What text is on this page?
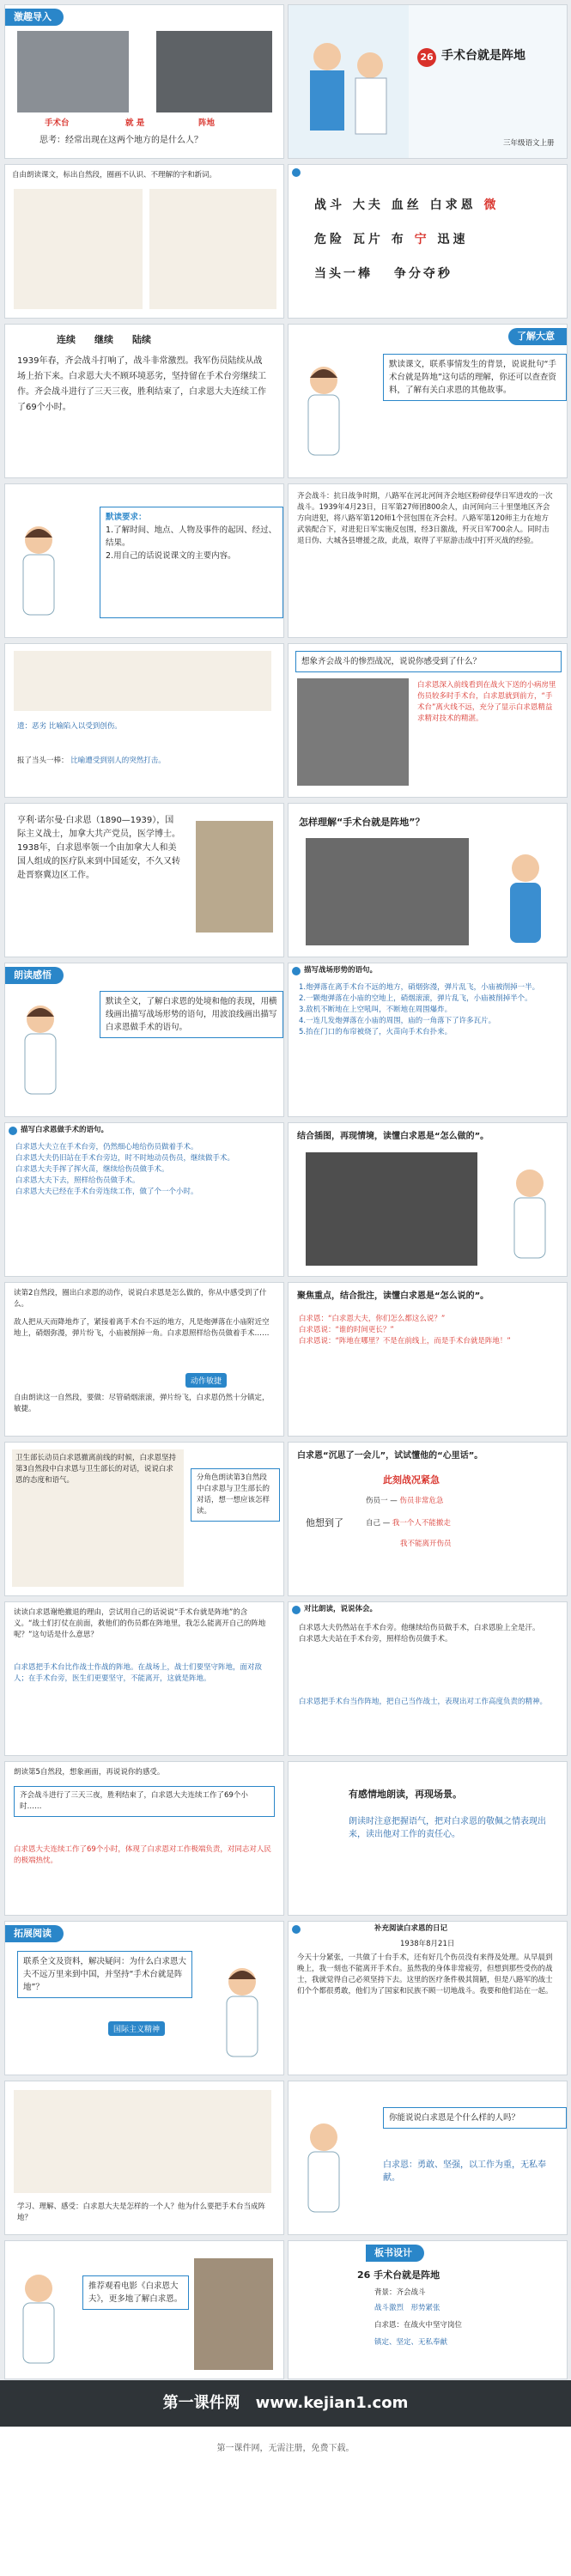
激趣导入
手术台	就 是	阵地
思考：经常出现在这两个地方的是什么人？
26 手术台就是阵地
三年级语文上册
自由朗读课文，标出自然段，圈画不认识、不理解的字和新词。
战斗 大夫 血丝 白求恩 微
危险 瓦片 布 宁 迅速
当头一棒　 争分夺秒
连续　　继续　　陆续
1939年春，齐会战斗打响了，战斗非常激烈。我军伤员陆续从战场上抬下来。白求恩大夫不顾环境恶劣，坚持留在手术台旁继续工作。齐会战斗进行了三天三夜，胜利结束了，白求恩大夫连续工作了69个小时。
了解大意
默读课文，联系事情发生的背景，说说批句“手术台就是阵地”这句话的理解，你还可以查查资料，了解有关白求恩的其他故事。
默读要求：
1.了解时间、地点、人物及事件的起因、经过、结果。
2.用自己的话说说课文的主要内容。
齐会战斗：抗日战争时期，八路军在河北河间齐会地区粉碎侵华日军进攻的一次战斗。1939年4月23日，日军第27师团800余人，由河间向三十里堡地区齐会方向进犯，将八路军第120师1个营包围在齐会村。八路军第120师主力在地方武装配合下，对进犯日军实施反包围，经3日激战，歼灭日军700余人。同时击退日伪、大城各县增援之敌，此战，取得了平原游击战中打歼灭战的经验。
遗：恶劣 比喻陷入以受到创伤。
报了当头一棒： 比喻遭受到别人的突然打击。
想象齐会战斗的惨烈战况，说说你感受到了什么？
白求恩深入前线看到在战火下送的小病房里伤员较多时手术台，白求恩就到前方，“手术台”离火线不远，充分了显示白求恩精益求精对技术的精湛。
亨利·诺尔曼·白求恩（1890—1939），国际主义战士，加拿大共产党员，医学博士。1938年，白求恩率领一个由加拿大人和美国人组成的医疗队来到中国延安，不久又转赴晋察冀边区工作。
怎样理解“手术台就是阵地”？
朗读感悟
默读全文，了解白求恩的处境和他的表现，用横线画出描写战场形势的语句，用波浪线画出描写白求恩做手术的语句。
描写战场形势的语句。
1.炮弹落在离手术台不远的地方，硝烟弥漫，弹片乱飞，小庙被削掉一半。
2.一颗炮弹落在小庙的空地上，硝烟滚滚，弹片乱飞，小庙被削掉半个。
3.敌机不断地在上空吼叫，不断地在周围爆炸。
4.一连几发炮弹落在小庙的周围，庙的一角落下了许多瓦片。
5.抬在门口的布帘被烧了，火苗向手术台扑来。
描写白求恩做手术的语句。
白求恩大夫立在手术台旁，仍然细心地给伤员做着手术。
白求恩大夫仍旧站在手术台旁边，时不时地动员伤员，继续做手术。
白求恩大夫手挥了挥火苗，继续给伤员做手术。
白求恩大夫下去，照样给伤员做手术。
白求恩大夫已经在手术台旁连续工作，做了个一个小时。
结合插图，再现情境，读懂白求恩是“怎么做的”。
读第2自然段，圈出白求恩的动作，说说白求恩是怎么做的，你从中感受到了什么。
敌人把从天而降地炸了，紧接着离手术台不远的地方，凡是炮弹落在小庙附近空地上，硝烟弥漫，弹片纷飞，小庙被削掉一角。白求恩照样给伤员做着手术……
动作敏捷
自由朗读这一自然段，要做：尽管硝烟滚滚，弹片纷飞，白求恩仍然十分镇定，敏捷。
聚焦重点，结合批注，读懂白求恩是“怎么说的”。
白求恩：“白求恩大夫，你们怎么都这么说？”
白求恩说：“谁的时间更长？”
白求恩说：“阵地在哪里？不是在前线上，而是手术台就是阵地！”
卫生部长动员白求恩撤离前线的时候，白求恩坚持第3自然段中白求恩与卫生部长的对话，说说白求恩的态度和语气。	分角色朗读第3自然段中白求恩与卫生部长的对话，想一想应该怎样读。
白求恩“沉思了一会儿”，试试懂他的“心里话”。
此刻战况紧急
他想到了
伤员一 — 伤员非常危急
自己 — 我一个人不能撤走
我不能离开伤员
读读白求恩谢绝撤退的理由，尝试用自己的话说说“手术台就是阵地”的含义。“战士们打仗在前面，救他们的伤员都在阵地里，我怎么能离开自己的阵地呢？”这句话是什么意思？
白求恩把手术台比作战士作战的阵地。在战场上，战士们要坚守阵地，面对敌人；在手术台旁，医生们更要坚守，不能离开，这就是阵地。
对比朗读，说说体会。
白求恩大夫仍然站在手术台旁。他继续给伤员做手术，白求恩脸上全是汗。
白求恩大夫站在手术台旁，照样给伤员做手术。
白求恩把手术台当作阵地，把自己当作战士，表现出对工作高度负责的精神。
朗读第5自然段，想象画面，再说说你的感受。
齐会战斗进行了三天三夜，胜利结束了，白求恩大夫连续工作了69个小时……
白求恩大夫连续工作了69个小时，体现了白求恩对工作极端负责，对同志对人民的极端热忱。
有感情地朗读，再现场景。
朗读时注意把握语气，把对白求恩的敬佩之情表现出来，读出他对工作的责任心。
拓展阅读
联系全文及资料，解决疑问：为什么白求恩大夫不远万里来到中国，并坚持“手术台就是阵地”？
国际主义精神
补充阅读白求恩的日记
1938年8月21日
今天十分紧张，一共做了十台手术，还有好几个伤员没有来得及处理。从早晨到晚上，我一刻也不能离开手术台。虽然我的身体非常疲劳，但想到那些受伤的战士，我就觉得自己必须坚持下去。这里的医疗条件极其简陋，但是八路军的战士们个个都很勇敢，他们为了国家和民族不顾一切地战斗。我要和他们站在一起。
学习、理解、感受：白求恩大夫是怎样的一个人？他为什么要把手术台当成阵地？
你能说说白求恩是个什么样的人吗？
白求恩：勇敢、坚强，以工作为重，无私奉献。
推荐观看电影《白求恩大夫》，更多地了解白求恩。
板书设计
26 手术台就是阵地
背景：齐会战斗
战斗激烈　形势紧张
白求恩：在战火中坚守岗位
镇定、坚定、无私奉献
第一课件网　www.kejian1.com
第一课件网，无需注册，免费下载。
